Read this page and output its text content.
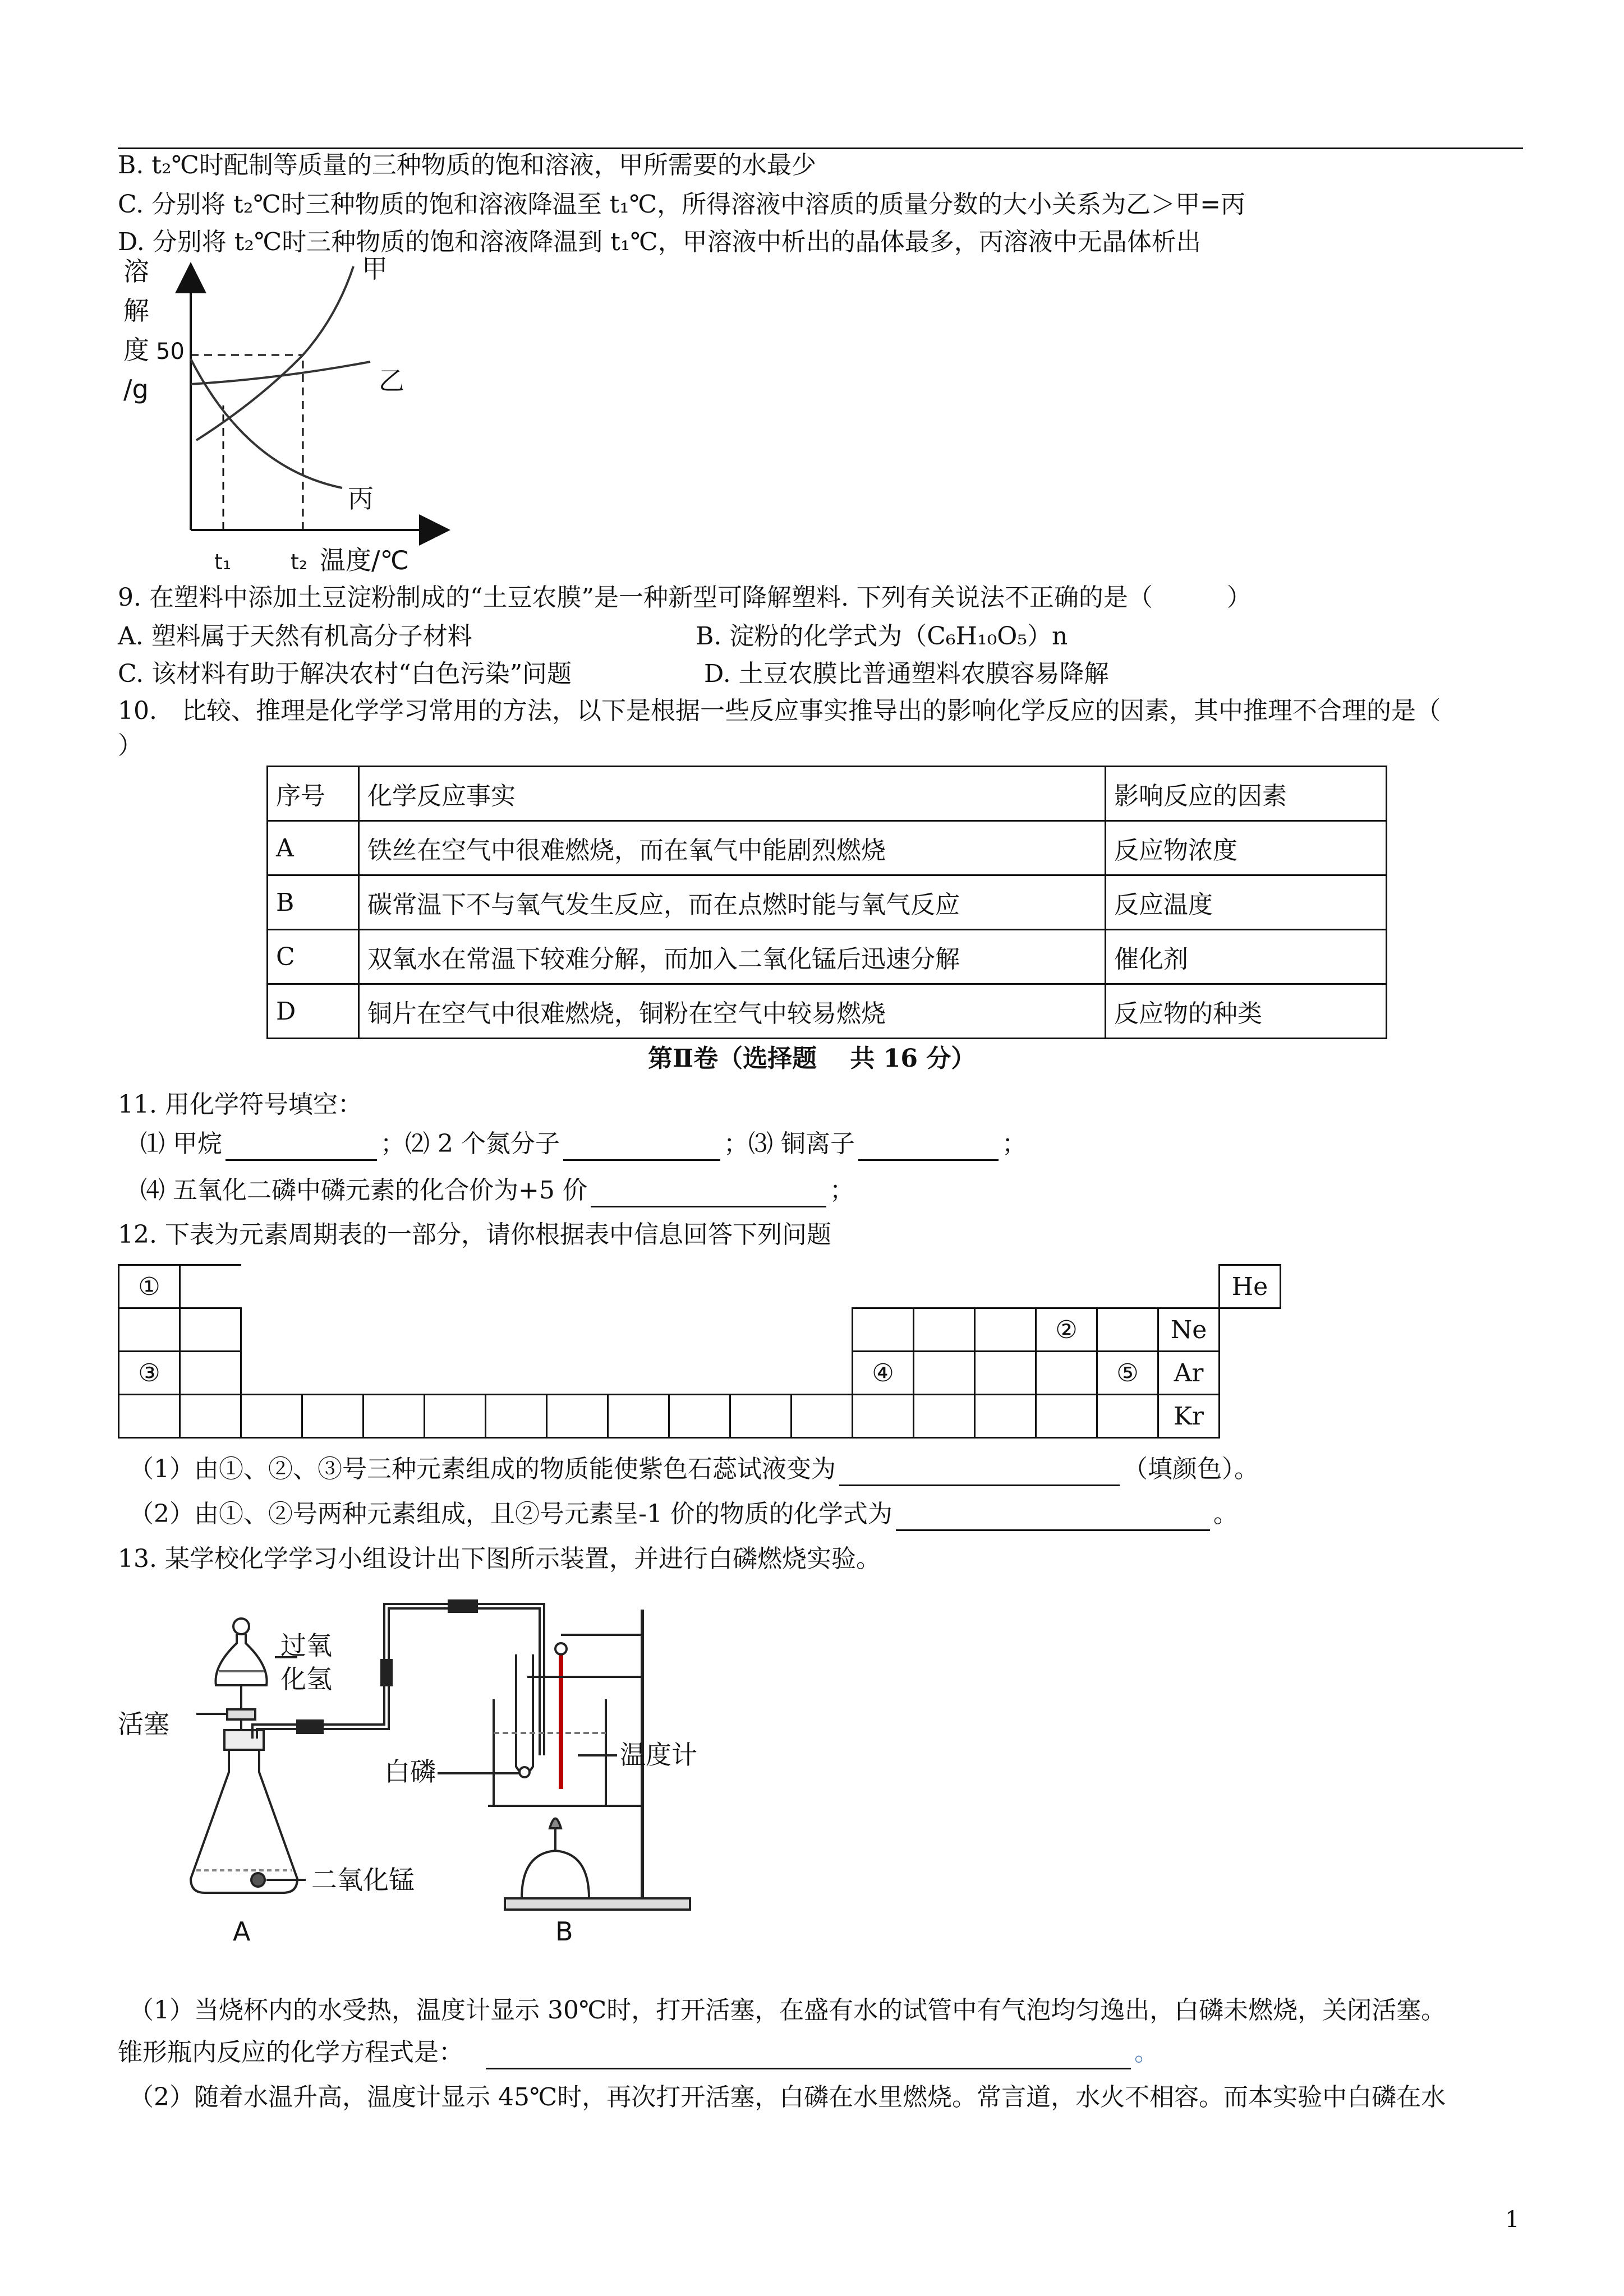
B. t₂℃时配制等质量的三种物质的饱和溶液，甲所需要的水最少
C. 分别将 t₂℃时三种物质的饱和溶液降温至 t₁℃，所得溶液中溶质的质量分数的大小关系为乙＞甲=丙
D. 分别将 t₂℃时三种物质的饱和溶液降温到 t₁℃，甲溶液中析出的晶体最多，丙溶液中无晶体析出
溶
解
度
/g
50
甲
乙
丙
t₁	t₂ 温度/℃
9. 在塑料中添加土豆淀粉制成的“土豆农膜”是一种新型可降解塑料. 下列有关说法不正确的是（　　　）
A. 塑料属于天然有机高分子材料	B. 淀粉的化学式为（C₆H₁₀O₅）n
C. 该材料有助于解决农村“白色污染”问题	D. 土豆农膜比普通塑料农膜容易降解
10.　比较、推理是化学学习常用的方法，以下是根据一些反应事实推导出的影响化学反应的因素，其中推理不合理的是（
）
序号	化学反应事实	影响反应的因素
A	铁丝在空气中很难燃烧，而在氧气中能剧烈燃烧	反应物浓度
B	碳常温下不与氧气发生反应，而在点燃时能与氧气反应	反应温度
C	双氧水在常温下较难分解，而加入二氧化锰后迅速分解	催化剂
D	铜片在空气中很难燃烧，铜粉在空气中较易燃烧	反应物的种类
第Ⅱ卷（选择题　 共 16 分）
11. 用化学符号填空：
⑴ 甲烷	；⑵ 2 个氮分子	；⑶ 铜离子	；
⑷ 五氧化二磷中磷元素的化合价为+5 价	；
12. 下表为元素周期表的一部分，请你根据表中信息回答下列问题
①																		He
															②		Ne	
③												④				⑤	Ar	
																	Kr	
（1）由①、②、③号三种元素组成的物质能使紫色石蕊试液变为	（填颜色）。
（2）由①、②号两种元素组成，且②号元素呈-1 价的物质的化学式为	。
13. 某学校化学学习小组设计出下图所示装置，并进行白磷燃烧实验。
活塞
过氧
化氢
二氧化锰
白磷
温度计
A	B
（1）当烧杯内的水受热，温度计显示 30℃时，打开活塞，在盛有水的试管中有气泡均匀逸出，白磷未燃烧，关闭活塞。
锥形瓶内反应的化学方程式是：	。
（2）随着水温升高，温度计显示 45℃时，再次打开活塞，白磷在水里燃烧。常言道，水火不相容。而本实验中白磷在水
1
